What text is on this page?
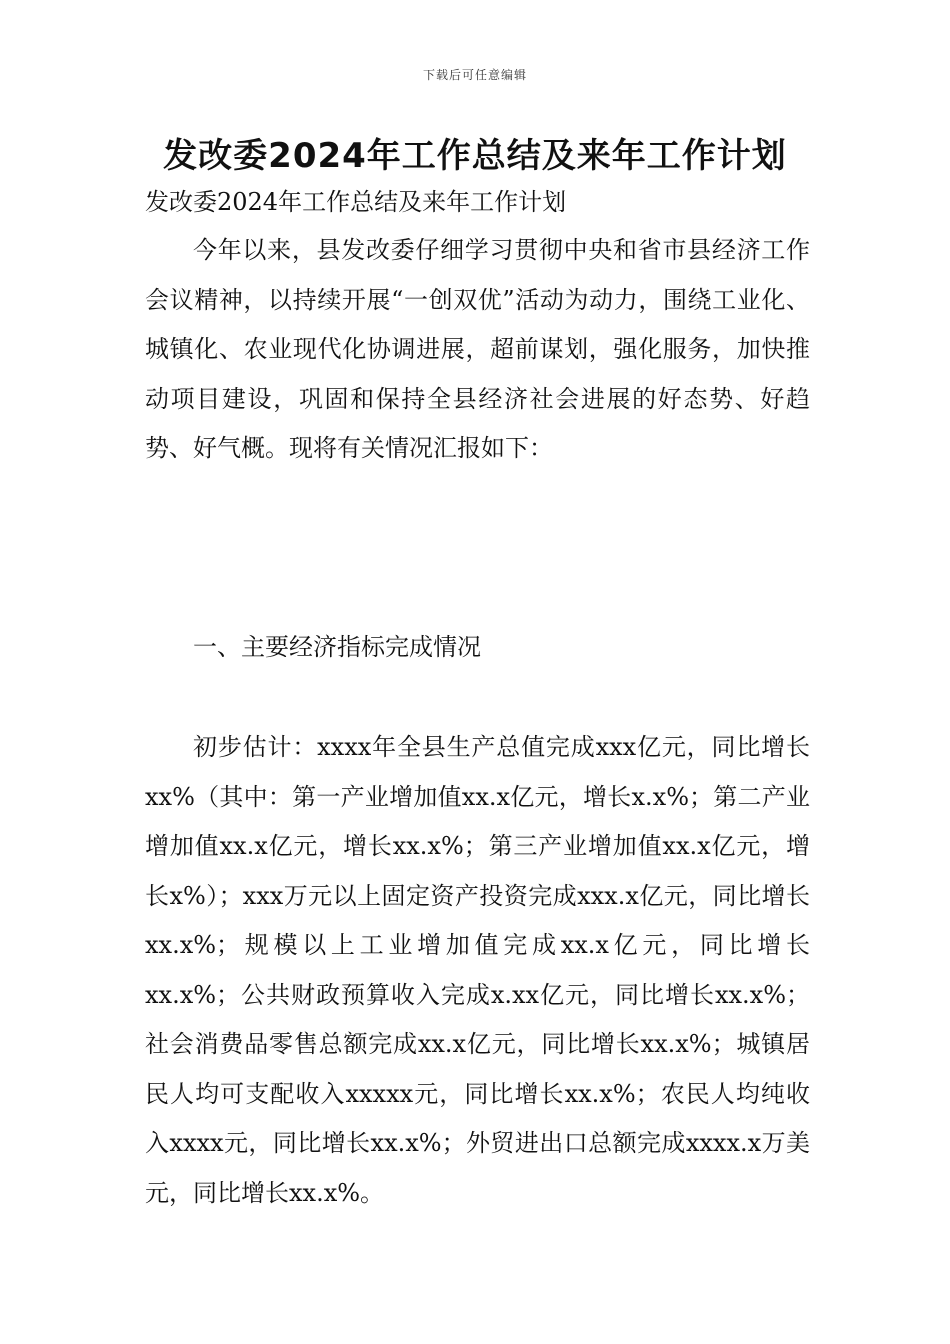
下载后可任意编辑
发改委2024年工作总结及来年工作计划

发改委2024年工作总结及来年工作计划

今年以来，县发改委仔细学习贯彻中央和省市县经济工作会议精神，以持续开展“一创双优”活动为动力，围绕工业化、城镇化、农业现代化协调进展，超前谋划，强化服务，加快推动项目建设，巩固和保持全县经济社会进展的好态势、好趋势、好气概。现将有关情况汇报如下：

一、主要经济指标完成情况

初步估计：xxxx年全县生产总值完成xxx亿元，同比增长xx%（其中：第一产业增加值xx.x亿元，增长x.x%；第二产业增加值xx.x亿元，增长xx.x%；第三产业增加值xx.x亿元，增长x%）；xxx万元以上固定资产投资完成xxx.x亿元，同比增长xx.x%；规模以上工业增加值完成xx.x亿元，同比增长xx.x%；公共财政预算收入完成x.xx亿元，同比增长xx.x%；社会消费品零售总额完成xx.x亿元，同比增长xx.x%；城镇居民人均可支配收入xxxxx元，同比增长xx.x%；农民人均纯收入xxxx元，同比增长xx.x%；外贸进出口总额完成xxxx.x万美元，同比增长xx.x%。
